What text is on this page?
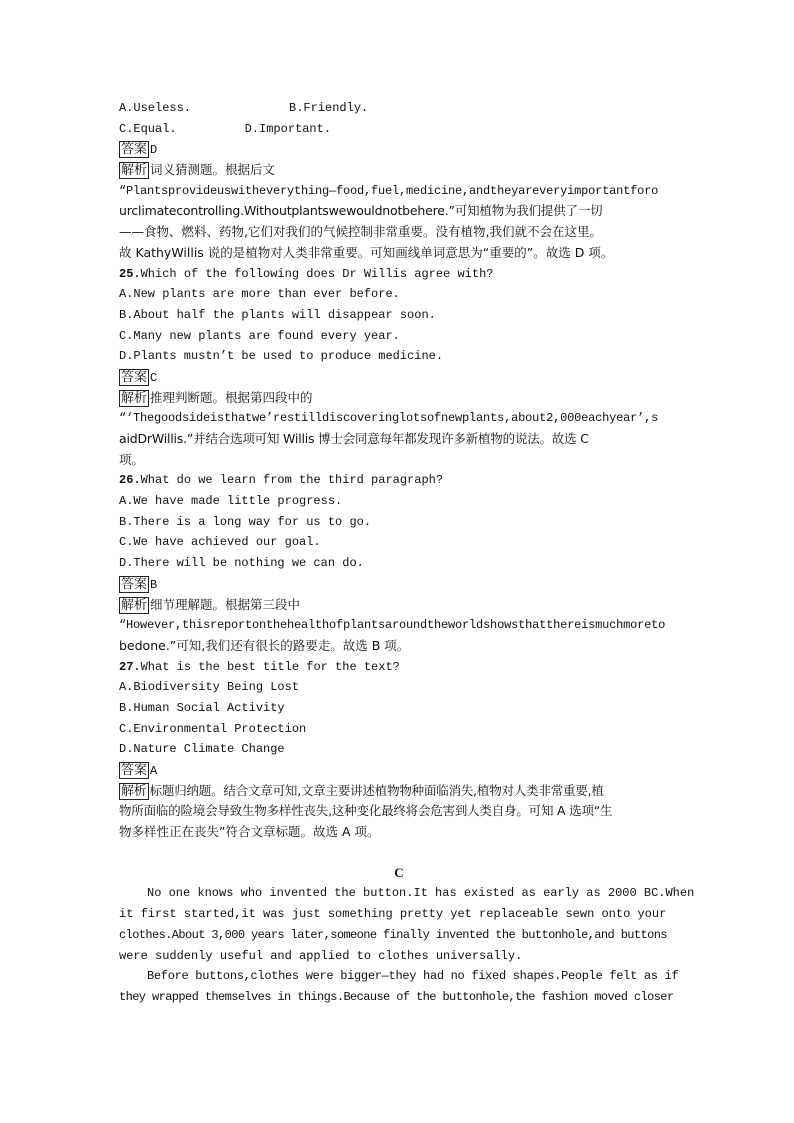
A.Useless.	B.Friendly.
C.Equal.	D.Important.
答案 D
解析 词义猜测题。根据后文
“Plantsprovideuswitheverything—food,fuel,medicine,andtheyareveryimportantforo
urclimatecontrolling.Withoutplantswewouldnotbehere.”可知植物为我们提供了一切
——食物、燃料、药物,它们对我们的气候控制非常重要。没有植物,我们就不会在这里。
故 KathyWillis 说的是植物对人类非常重要。可知画线单词意思为“重要的”。故选 D 项。
25.Which of the following does Dr Willis agree with?
A.New plants are more than ever before.
B.About half the plants will disappear soon.
C.Many new plants are found every year.
D.Plants mustn’t be used to produce medicine.
答案 C
解析 推理判断题。根据第四段中的
“‘Thegoodsideisthatwe’restilldiscoveringlotsofnewplants,about2,000eachyear’,s
aidDrWillis.”并结合选项可知 Willis 博士会同意每年都发现许多新植物的说法。故选 C
项。
26.What do we learn from the third paragraph?
A.We have made little progress.
B.There is a long way for us to go.
C.We have achieved our goal.
D.There will be nothing we can do.
答案 B
解析 细节理解题。根据第三段中
“However,thisreportonthehealthofplantsaroundtheworldshowsthatthereismuchmoreto
bedone.”可知,我们还有很长的路要走。故选 B 项。
27.What is the best title for the text?
A.Biodiversity Being Lost
B.Human Social Activity
C.Environmental Protection
D.Nature Climate Change
答案 A
解析 标题归纳题。结合文章可知,文章主要讲述植物物种面临消失,植物对人类非常重要,植
物所面临的险境会导致生物多样性丧失,这种变化最终将会危害到人类自身。可知 A 选项“生
物多样性正在丧失”符合文章标题。故选 A 项。
C
No one knows who invented the button.It has existed as early as 2000 BC.When
it first started,it was just something pretty yet replaceable sewn onto your
clothes.About 3,000 years later,someone finally invented the buttonhole,and buttons
were suddenly useful and applied to clothes universally.
Before buttons,clothes were bigger—they had no fixed shapes.People felt as if
they wrapped themselves in things.Because of the buttonhole,the fashion moved closer
